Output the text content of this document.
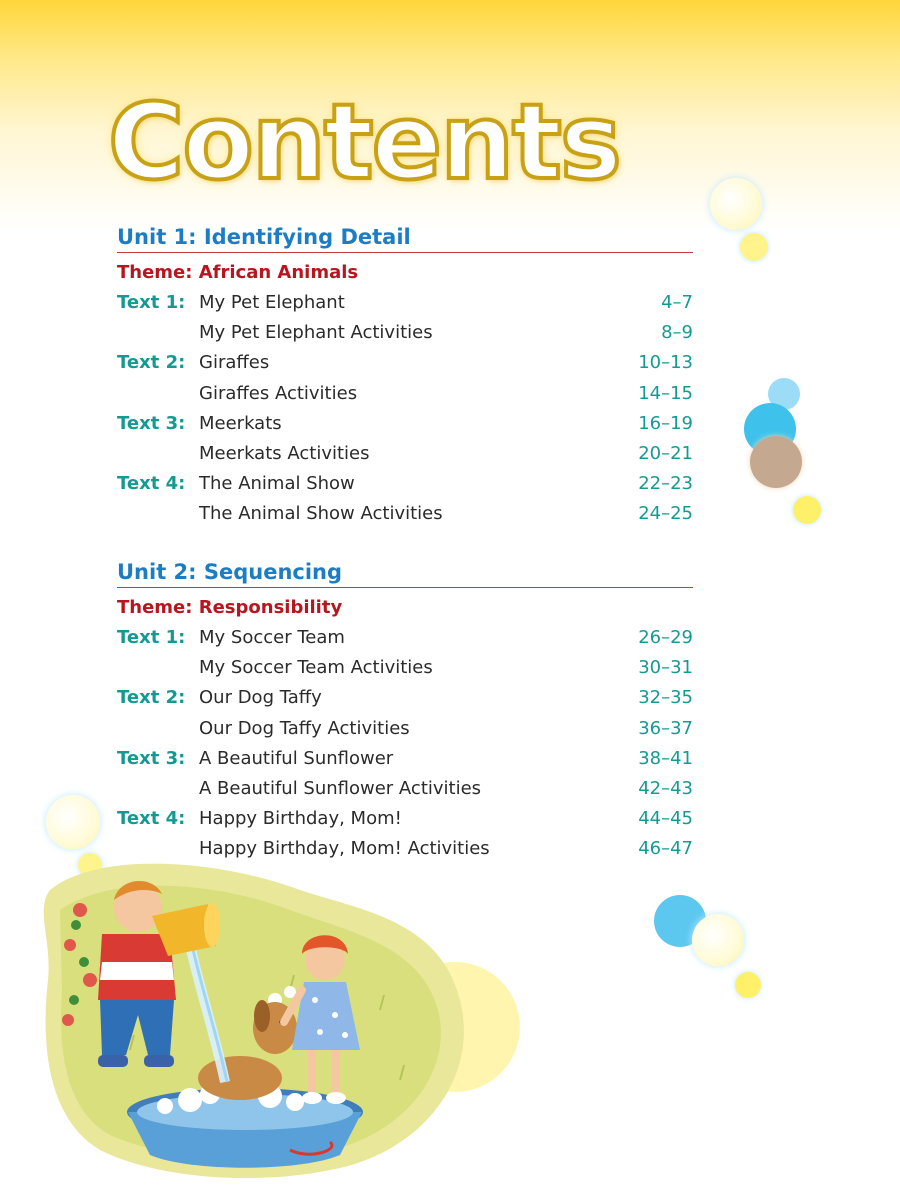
Contents
Unit 1: Identifying Detail
Theme: African Animals
Text 1: My Pet Elephant	4–7
My Pet Elephant Activities	8–9
Text 2: Giraffes	10–13
Giraffes Activities	14–15
Text 3: Meerkats	16–19
Meerkats Activities	20–21
Text 4: The Animal Show	22–23
The Animal Show Activities	24–25
Unit 2: Sequencing
Theme: Responsibility
Text 1: My Soccer Team	26–29
My Soccer Team Activities	30–31
Text 2: Our Dog Taffy	32–35
Our Dog Taffy Activities	36–37
Text 3: A Beautiful Sunflower	38–41
A Beautiful Sunflower Activities	42–43
Text 4: Happy Birthday, Mom!	44–45
Happy Birthday, Mom! Activities	46–47
